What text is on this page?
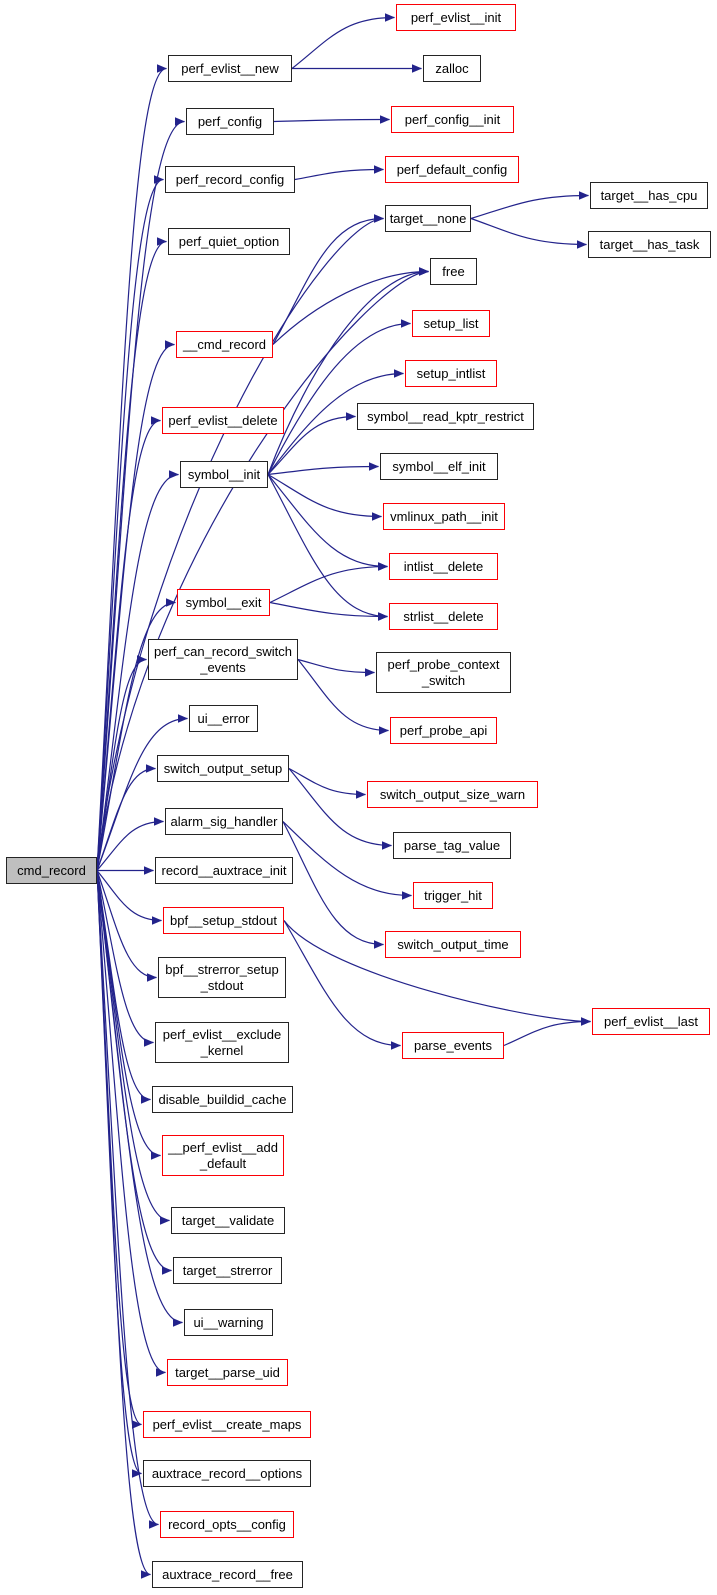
cmd_record
perf_evlist__new
perf_config
perf_record_config
perf_quiet_option
__cmd_record
perf_evlist__delete
symbol__init
symbol__exit
perf_can_record_switch
_events
ui__error
switch_output_setup
alarm_sig_handler
record__auxtrace_init
bpf__setup_stdout
bpf__strerror_setup
_stdout
perf_evlist__exclude
_kernel
disable_buildid_cache
__perf_evlist__add
_default
target__validate
target__strerror
ui__warning
target__parse_uid
perf_evlist__create_maps
auxtrace_record__options
record_opts__config
auxtrace_record__free
perf_evlist__init
zalloc
perf_config__init
perf_default_config
target__none
free
setup_list
setup_intlist
symbol__read_kptr_restrict
symbol__elf_init
vmlinux_path__init
intlist__delete
strlist__delete
perf_probe_context
_switch
perf_probe_api
switch_output_size_warn
parse_tag_value
trigger_hit
switch_output_time
parse_events
target__has_cpu
target__has_task
perf_evlist__last
